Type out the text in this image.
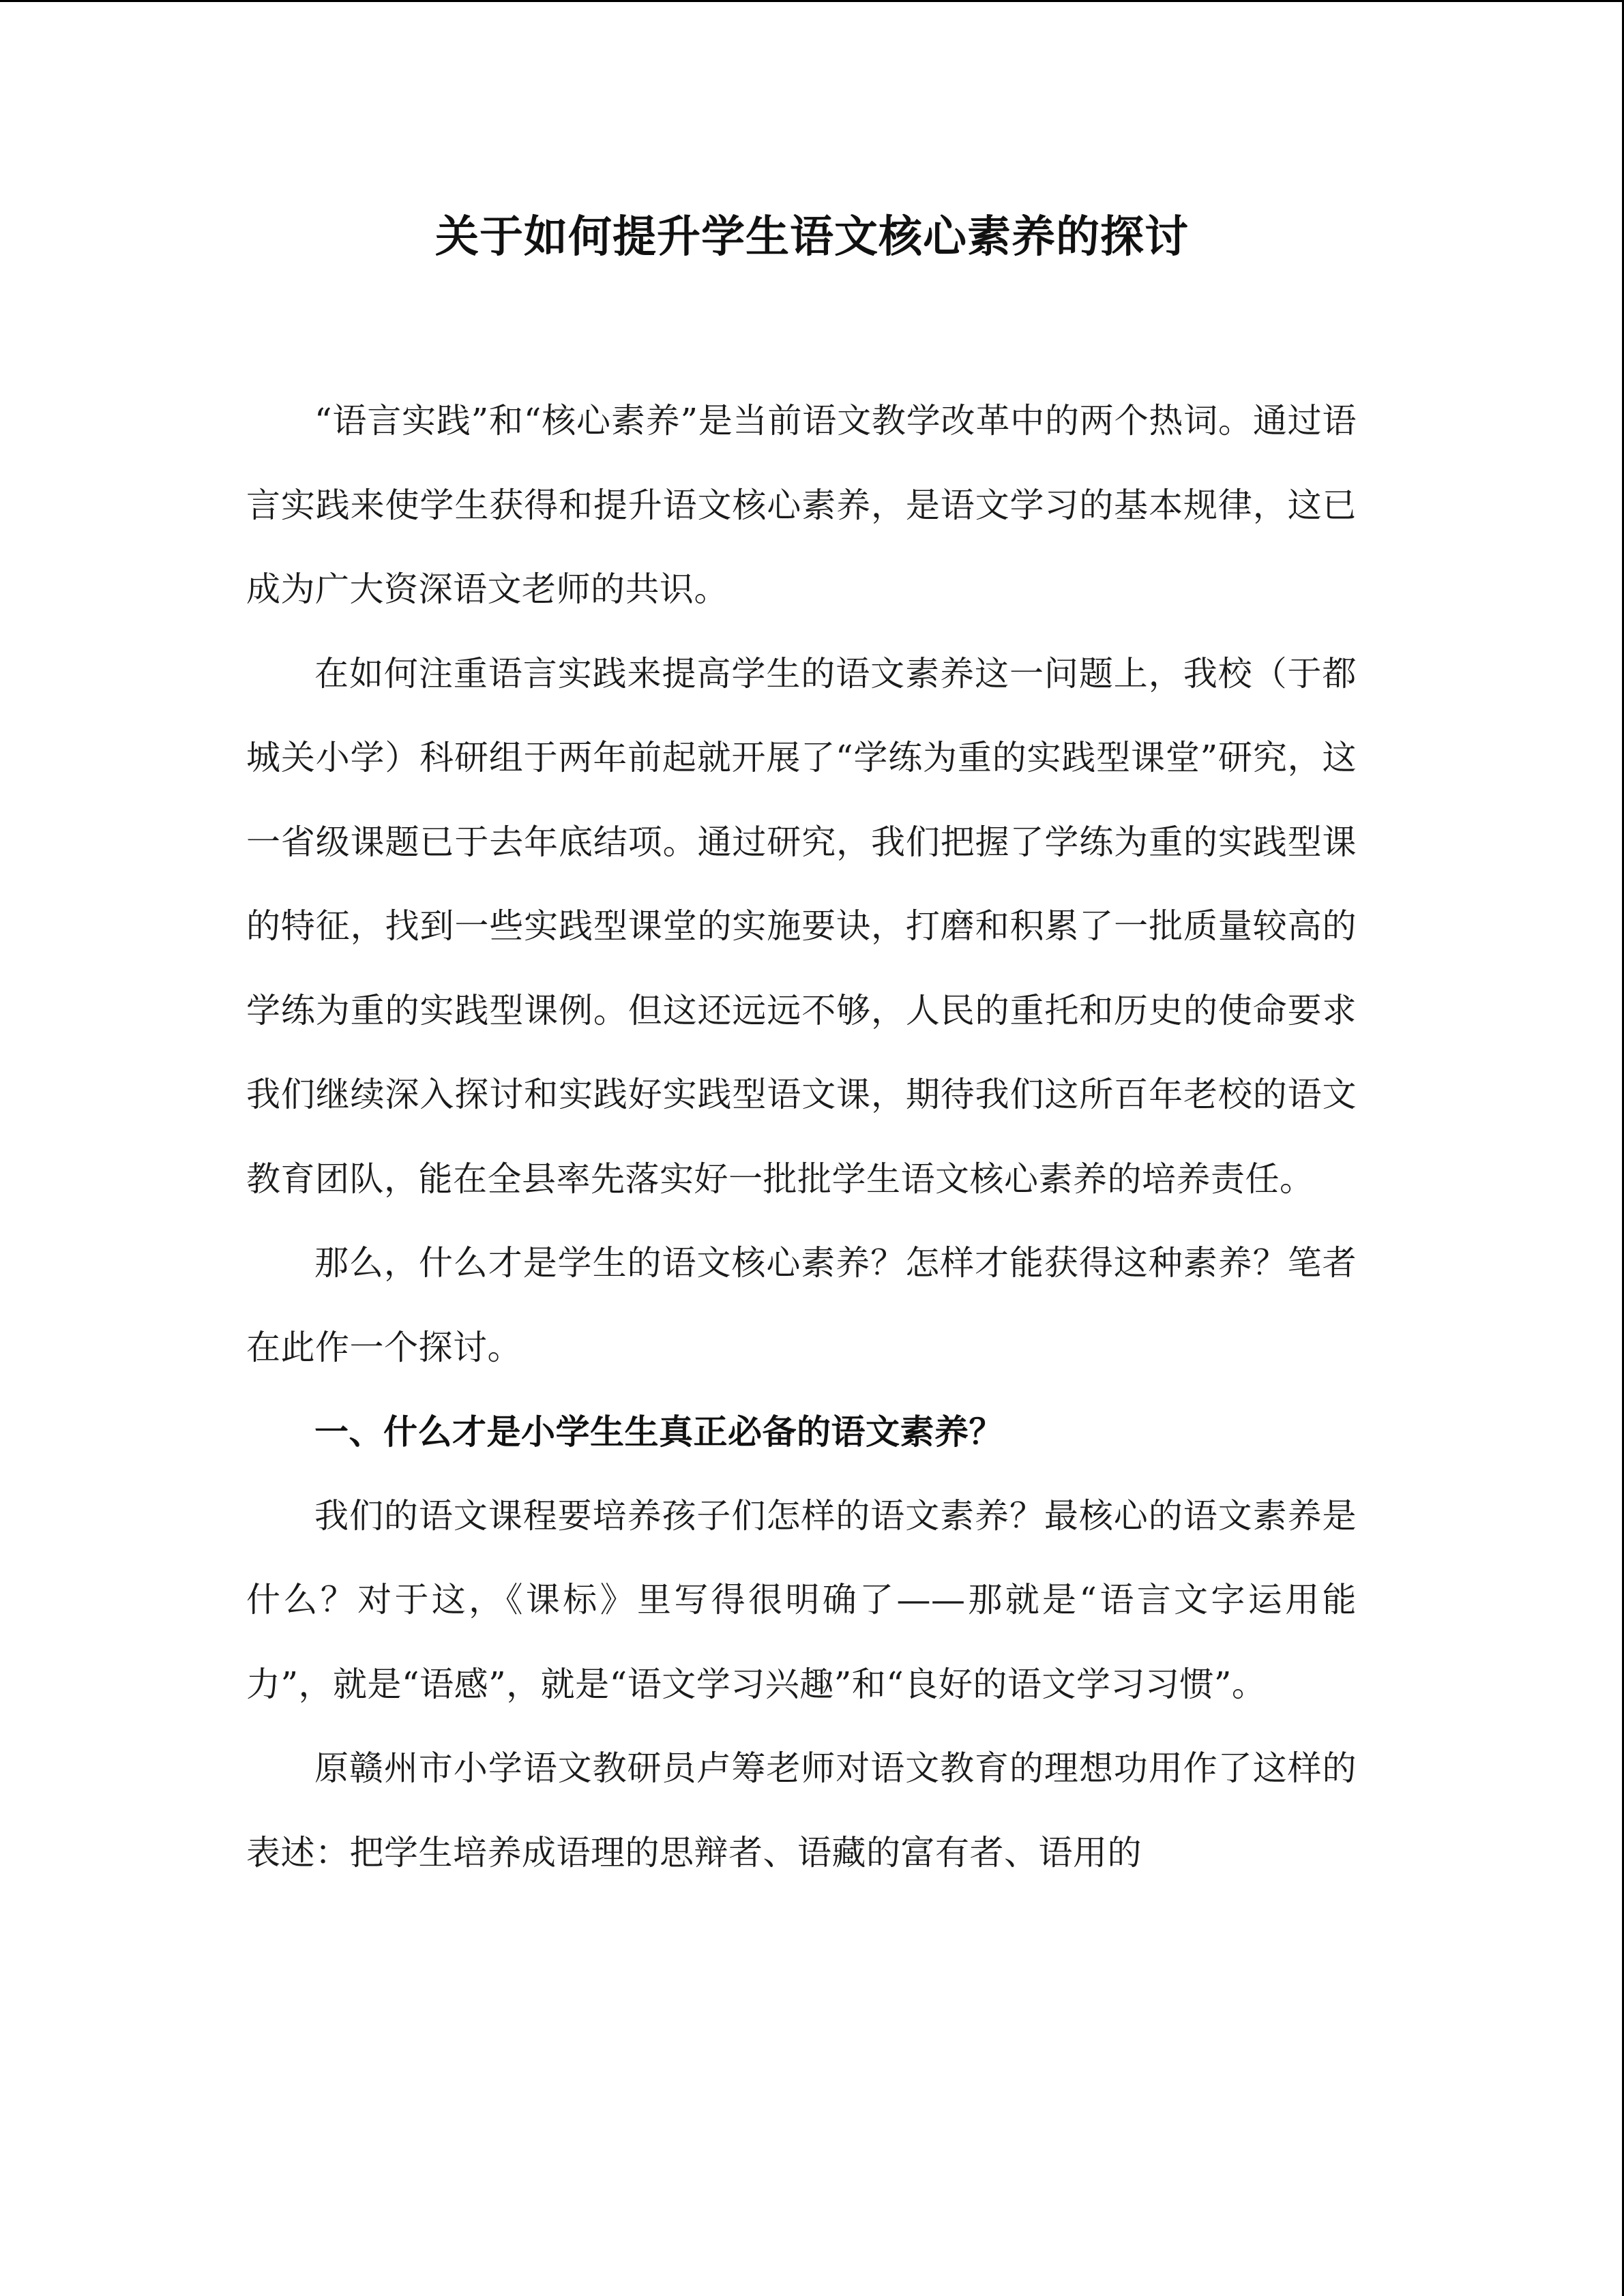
关于如何提升学生语文核心素养的探讨

“语言实践”和“核心素养”是当前语文教学改革中的两个热词。通过语言实践来使学生获得和提升语文核心素养，是语文学习的基本规律，这已成为广大资深语文老师的共识。

在如何注重语言实践来提高学生的语文素养这一问题上，我校（于都城关小学）科研组于两年前起就开展了“学练为重的实践型课堂”研究，这一省级课题已于去年底结项。通过研究，我们把握了学练为重的实践型课的特征，找到一些实践型课堂的实施要诀，打磨和积累了一批质量较高的学练为重的实践型课例。但这还远远不够，人民的重托和历史的使命要求我们继续深入探讨和实践好实践型语文课，期待我们这所百年老校的语文教育团队，能在全县率先落实好一批批学生语文核心素养的培养责任。

那么，什么才是学生的语文核心素养？怎样才能获得这种素养？笔者在此作一个探讨。

一、什么才是小学生生真正必备的语文素养？

我们的语文课程要培养孩子们怎样的语文素养？最核心的语文素养是什么？对于这，《课标》里写得很明确了——那就是“语言文字运用能力”，就是“语感”，就是“语文学习兴趣”和“良好的语文学习习惯”。

原赣州市小学语文教研员卢筹老师对语文教育的理想功用作了这样的表述：把学生培养成语理的思辩者、语藏的富有者、语用的
